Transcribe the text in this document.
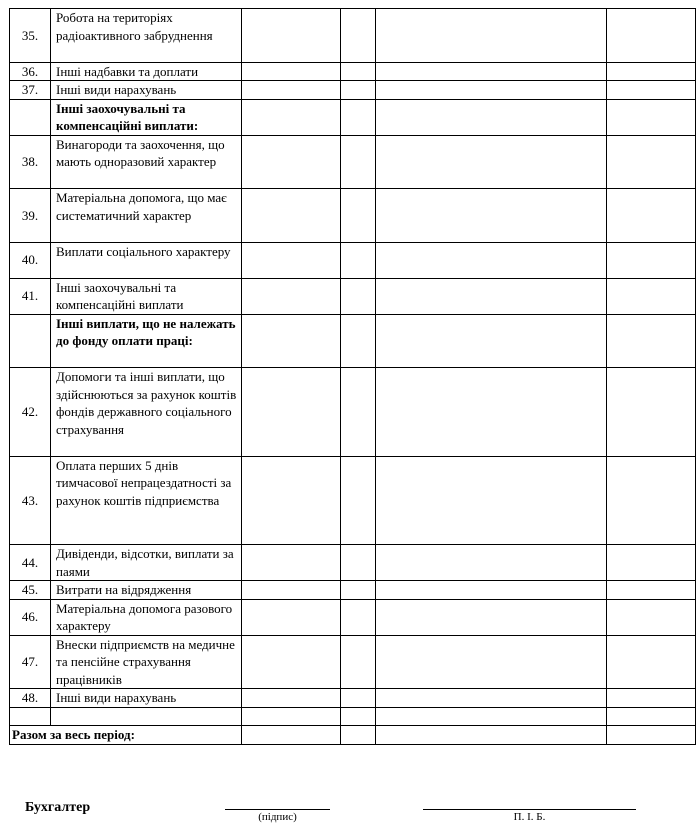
35.	Робота на територіях радіоактивного забруднення				
36.	Інші надбавки та доплати				
37.	Інші види нарахувань				
	Інші заохочувальні та компенсаційні виплати:				
38.	Винагороди та заохочення, що мають одноразовий характер				
39.	Матеріальна допомога, що має систематичний характер				
40.	Виплати соціального характеру				
41.	Інші заохочувальні та компенсаційні виплати				
	Інші виплати, що не належать до фонду оплати праці:				
42.	Допомоги та інші виплати, що здійснюються за рахунок коштів фондів державного соціального страхування				
43.	Оплата перших 5 днів тимчасової непрацездатності за рахунок коштів підприємства				
44.	Дивіденди, відсотки, виплати за паями				
45.	Витрати на відрядження				
46.	Матеріальна допомога разового характеру				
47.	Внески підприємств на медичне та пенсійне страхування працівників				
48.	Інші види нарахувань				

Разом за весь період:					
Бухгалтер
(підпис)	П. І. Б.
